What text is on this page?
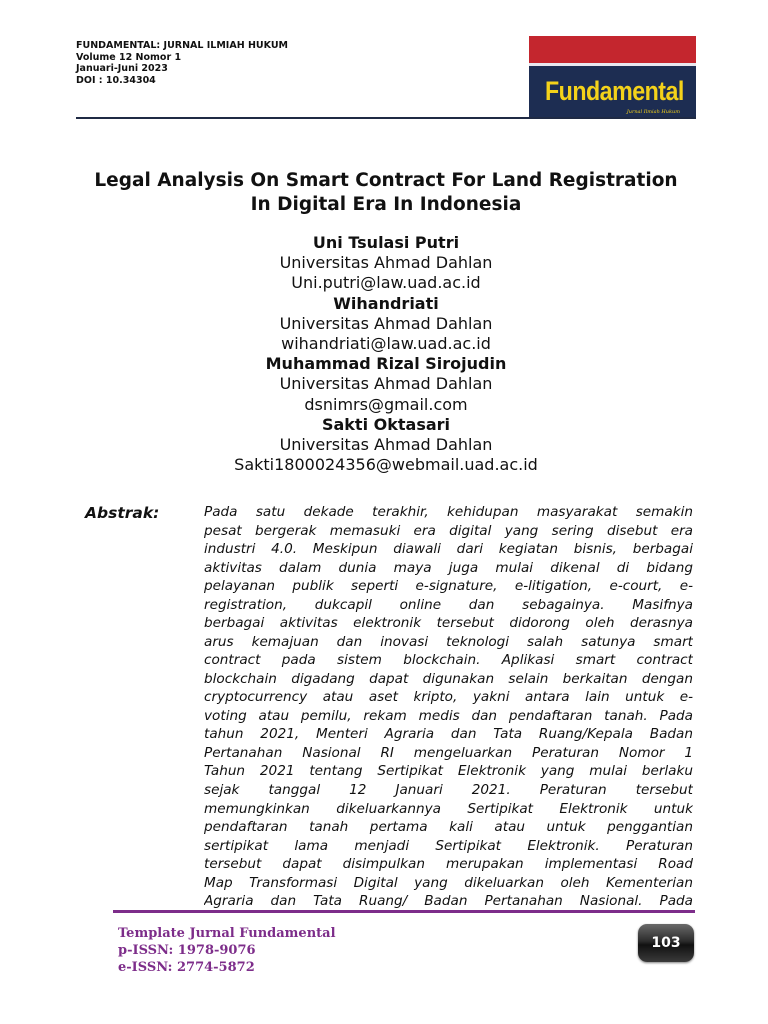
FUNDAMENTAL: JURNAL ILMIAH HUKUM
Volume 12 Nomor 1
Januari-Juni 2023
DOI : 10.34304	Fundamental
Jurnal Ilmiah Hukum
Legal Analysis On Smart Contract For Land Registration
In Digital Era In Indonesia
Uni Tsulasi Putri
Universitas Ahmad Dahlan
Uni.putri@law.uad.ac.id
Wihandriati
Universitas Ahmad Dahlan
wihandriati@law.uad.ac.id
Muhammad Rizal Sirojudin
Universitas Ahmad Dahlan
dsnimrs@gmail.com
Sakti Oktasari
Universitas Ahmad Dahlan
Sakti1800024356@webmail.uad.ac.id
Abstrak:	Pada satu dekade terakhir, kehidupan masyarakat semakin
pesat bergerak memasuki era digital yang sering disebut era
industri 4.0. Meskipun diawali dari kegiatan bisnis, berbagai
aktivitas dalam dunia maya juga mulai dikenal di bidang
pelayanan publik seperti e-signature, e-litigation, e-court, e-
registration, dukcapil online dan sebagainya. Masifnya
berbagai aktivitas elektronik tersebut didorong oleh derasnya
arus kemajuan dan inovasi teknologi salah satunya smart
contract pada sistem blockchain. Aplikasi smart contract
blockchain digadang dapat digunakan selain berkaitan dengan
cryptocurrency atau aset kripto, yakni antara lain untuk e-
voting atau pemilu, rekam medis dan pendaftaran tanah. Pada
tahun 2021, Menteri Agraria dan Tata Ruang/Kepala Badan
Pertanahan Nasional RI mengeluarkan Peraturan Nomor 1
Tahun 2021 tentang Sertipikat Elektronik yang mulai berlaku
sejak tanggal 12 Januari 2021. Peraturan tersebut
memungkinkan dikeluarkannya Sertipikat Elektronik untuk
pendaftaran tanah pertama kali atau untuk penggantian
sertipikat lama menjadi Sertipikat Elektronik. Peraturan
tersebut dapat disimpulkan merupakan implementasi Road
Map Transformasi Digital yang dikeluarkan oleh Kementerian
Agraria dan Tata Ruang/ Badan Pertanahan Nasional. Pada
Template Jurnal Fundamental
p-ISSN: 1978-9076
e-ISSN: 2774-5872
103
